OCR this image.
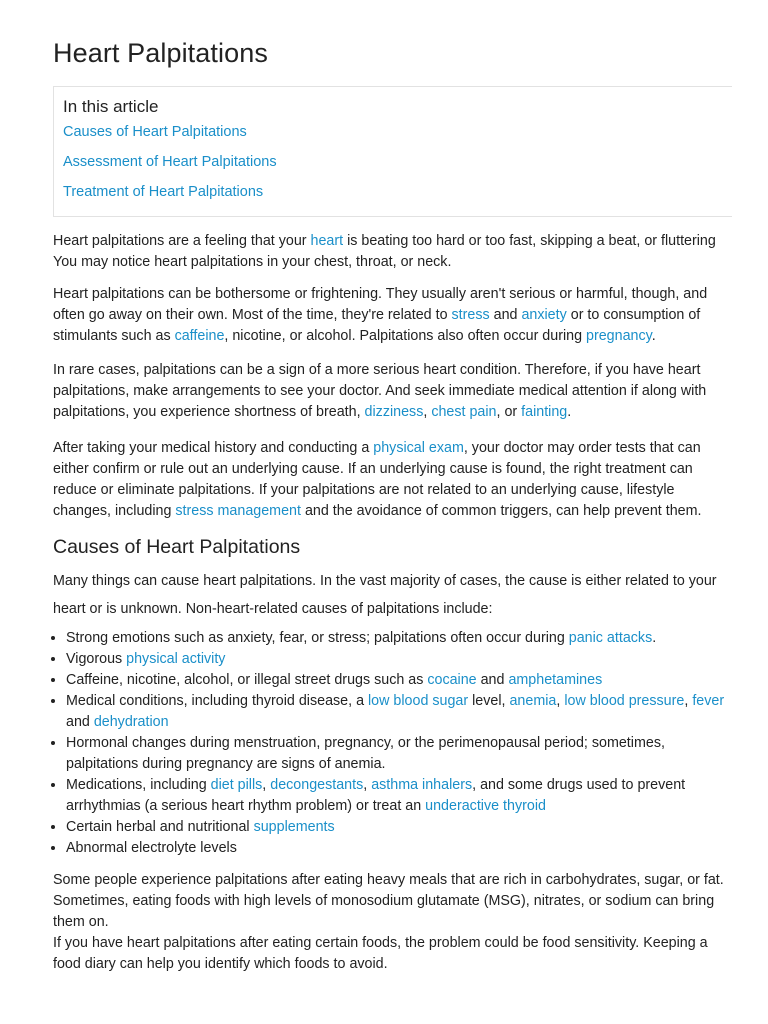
Heart Palpitations
In this article
Causes of Heart Palpitations
Assessment of Heart Palpitations
Treatment of Heart Palpitations
Heart palpitations are a feeling that your heart is beating too hard or too fast, skipping a beat, or fluttering
You may notice heart palpitations in your chest, throat, or neck.
Heart palpitations can be bothersome or frightening. They usually aren't serious or harmful, though, and
often go away on their own. Most of the time, they're related to stress and anxiety or to consumption of
stimulants such as caffeine, nicotine, or alcohol. Palpitations also often occur during pregnancy.
In rare cases, palpitations can be a sign of a more serious heart condition. Therefore, if you have heart
palpitations, make arrangements to see your doctor. And seek immediate medical attention if along with
palpitations, you experience shortness of breath, dizziness, chest pain, or fainting.
After taking your medical history and conducting a physical exam, your doctor may order tests that can
either confirm or rule out an underlying cause. If an underlying cause is found, the right treatment can
reduce or eliminate palpitations. If your palpitations are not related to an underlying cause, lifestyle
changes, including stress management and the avoidance of common triggers, can help prevent them.
Causes of Heart Palpitations
Many things can cause heart palpitations. In the vast majority of cases, the cause is either related to your
heart or is unknown. Non-heart-related causes of palpitations include:
• Strong emotions such as anxiety, fear, or stress; palpitations often occur during panic attacks.
• Vigorous physical activity
• Caffeine, nicotine, alcohol, or illegal street drugs such as cocaine and amphetamines
• Medical conditions, including thyroid disease, a low blood sugar level, anemia, low blood pressure, fever
and dehydration
• Hormonal changes during menstruation, pregnancy, or the perimenopausal period; sometimes,
palpitations during pregnancy are signs of anemia.
• Medications, including diet pills, decongestants, asthma inhalers, and some drugs used to prevent
arrhythmias (a serious heart rhythm problem) or treat an underactive thyroid
• Certain herbal and nutritional supplements
• Abnormal electrolyte levels
Some people experience palpitations after eating heavy meals that are rich in carbohydrates, sugar, or fat.
Sometimes, eating foods with high levels of monosodium glutamate (MSG), nitrates, or sodium can bring
them on.
If you have heart palpitations after eating certain foods, the problem could be food sensitivity. Keeping a
food diary can help you identify which foods to avoid.
